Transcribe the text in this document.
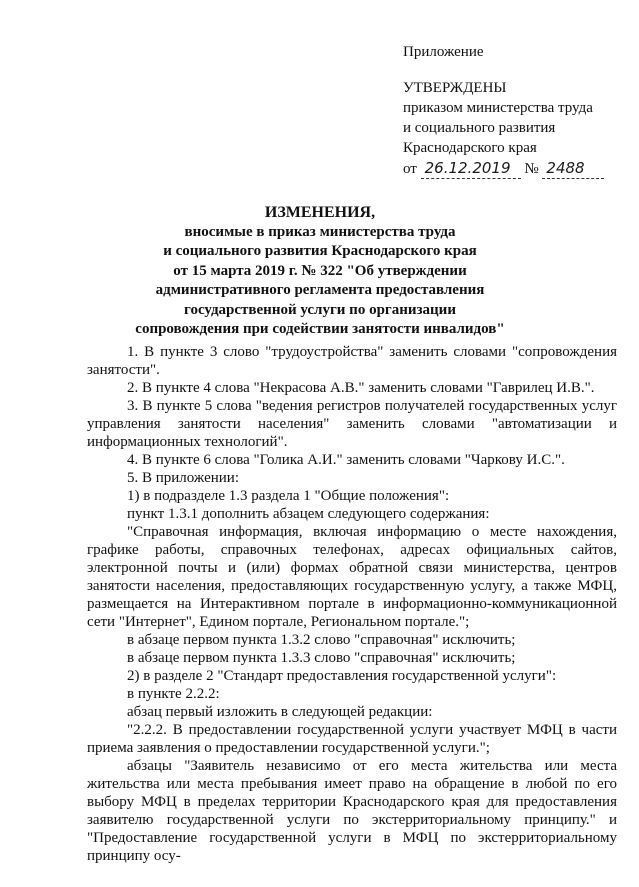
Приложение
УТВЕРЖДЕНЫ
приказом министерства труда
и социального развития
Краснодарского края
от 26.12.2019 № 2488
ИЗМЕНЕНИЯ,
вносимые в приказ министерства труда
и социального развития Краснодарского края
от 15 марта 2019 г. № 322 "Об утверждении
административного регламента предоставления
государственной услуги по организации
сопровождения при содействии занятости инвалидов"

1. В пункте 3 слово "трудоустройства" заменить словами "сопровождения занятости".

2. В пункте 4 слова "Некрасова А.В." заменить словами "Гаврилец И.В.".

3. В пункте 5 слова "ведения регистров получателей государственных услуг управления занятости населения" заменить словами "автоматизации и информационных технологий".

4. В пункте 6 слова "Голика А.И." заменить словами "Чаркову И.С.".

5. В приложении:

1) в подразделе 1.3 раздела 1 "Общие положения":

пункт 1.3.1 дополнить абзацем следующего содержания:

"Справочная информация, включая информацию о месте нахождения, графике работы, справочных телефонах, адресах официальных сайтов, электронной почты и (или) формах обратной связи министерства, центров занятости населения, предоставляющих государственную услугу, а также МФЦ, размещается на Интерактивном портале в информационно-коммуникационной сети "Интернет", Едином портале, Региональном портале.";

в абзаце первом пункта 1.3.2 слово "справочная" исключить;

в абзаце первом пункта 1.3.3 слово "справочная" исключить;

2) в разделе 2 "Стандарт предоставления государственной услуги":

в пункте 2.2.2:

абзац первый изложить в следующей редакции:

"2.2.2. В предоставлении государственной услуги участвует МФЦ в части приема заявления о предоставлении государственной услуги.";

абзацы "Заявитель независимо от его места жительства или места жительства или места пребывания имеет право на обращение в любой по его выбору МФЦ в пределах территории Краснодарского края для предоставления заявителю государственной услуги по экстерриториальному принципу." и "Предоставление государственной услуги в МФЦ по экстерриториальному принципу осу-
